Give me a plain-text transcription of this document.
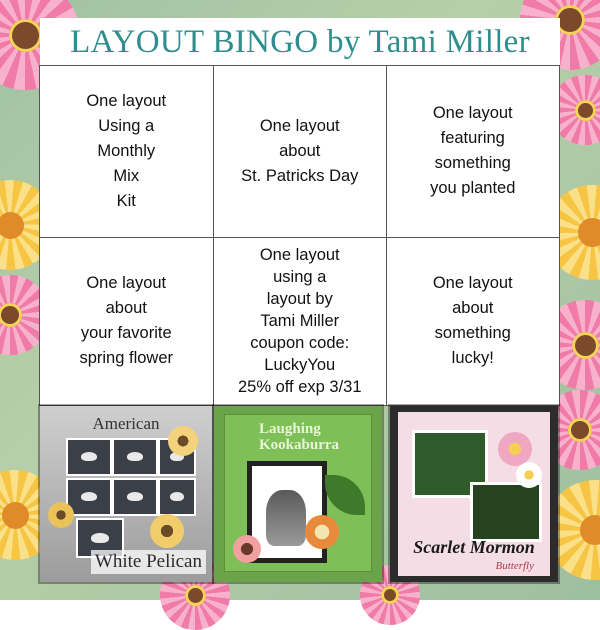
LAYOUT BINGO by Tami Miller
One layout
Using a
Monthly
Mix
Kit
One layout
about
St. Patricks Day
One layout
featuring
something
you planted
One layout
about
your favorite
spring flower
One layout
using a
layout by
Tami Miller
coupon code:
LuckyYou
25% off exp 3/31
One layout
about
something
lucky!
American
White Pelican
Laughing
Kookaburra
Scarlet Mormon
Butterfly
